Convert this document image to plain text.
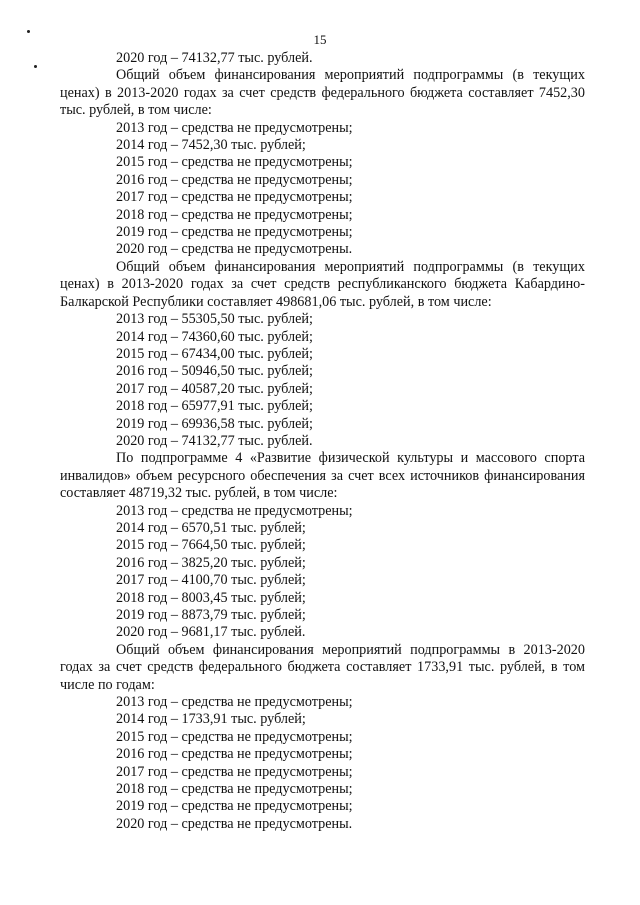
15
2020 год – 74132,77 тыс. рублей.
Общий объем финансирования мероприятий подпрограммы (в текущих ценах) в 2013-2020 годах за счет средств федерального бюджета составляет 7452,30 тыс. рублей, в том числе:
2013 год – средства не предусмотрены;
2014 год – 7452,30 тыс. рублей;
2015 год – средства не предусмотрены;
2016 год – средства не предусмотрены;
2017 год – средства не предусмотрены;
2018 год – средства не предусмотрены;
2019 год – средства не предусмотрены;
2020 год – средства не предусмотрены.
Общий объем финансирования мероприятий подпрограммы (в текущих ценах) в 2013-2020 годах за счет средств республиканского бюджета Кабардино-Балкарской Республики составляет 498681,06 тыс. рублей, в том числе:
2013 год – 55305,50 тыс. рублей;
2014 год – 74360,60 тыс. рублей;
2015 год – 67434,00 тыс. рублей;
2016 год – 50946,50 тыс. рублей;
2017 год – 40587,20 тыс. рублей;
2018 год – 65977,91 тыс. рублей;
2019 год – 69936,58 тыс. рублей;
2020 год – 74132,77 тыс. рублей.
По подпрограмме 4 «Развитие физической культуры и массового спорта инвалидов» объем ресурсного обеспечения за счет всех источников финансирования составляет 48719,32 тыс. рублей, в том числе:
2013 год – средства не предусмотрены;
2014 год – 6570,51 тыс. рублей;
2015 год – 7664,50 тыс. рублей;
2016 год – 3825,20 тыс. рублей;
2017 год – 4100,70 тыс. рублей;
2018 год – 8003,45 тыс. рублей;
2019 год – 8873,79 тыс. рублей;
2020 год – 9681,17 тыс. рублей.
Общий объем финансирования мероприятий подпрограммы в 2013-2020 годах за счет средств федерального бюджета составляет 1733,91 тыс. рублей, в том числе по годам:
2013 год – средства не предусмотрены;
2014 год – 1733,91 тыс. рублей;
2015 год – средства не предусмотрены;
2016 год – средства не предусмотрены;
2017 год – средства не предусмотрены;
2018 год – средства не предусмотрены;
2019 год – средства не предусмотрены;
2020 год – средства не предусмотрены.
